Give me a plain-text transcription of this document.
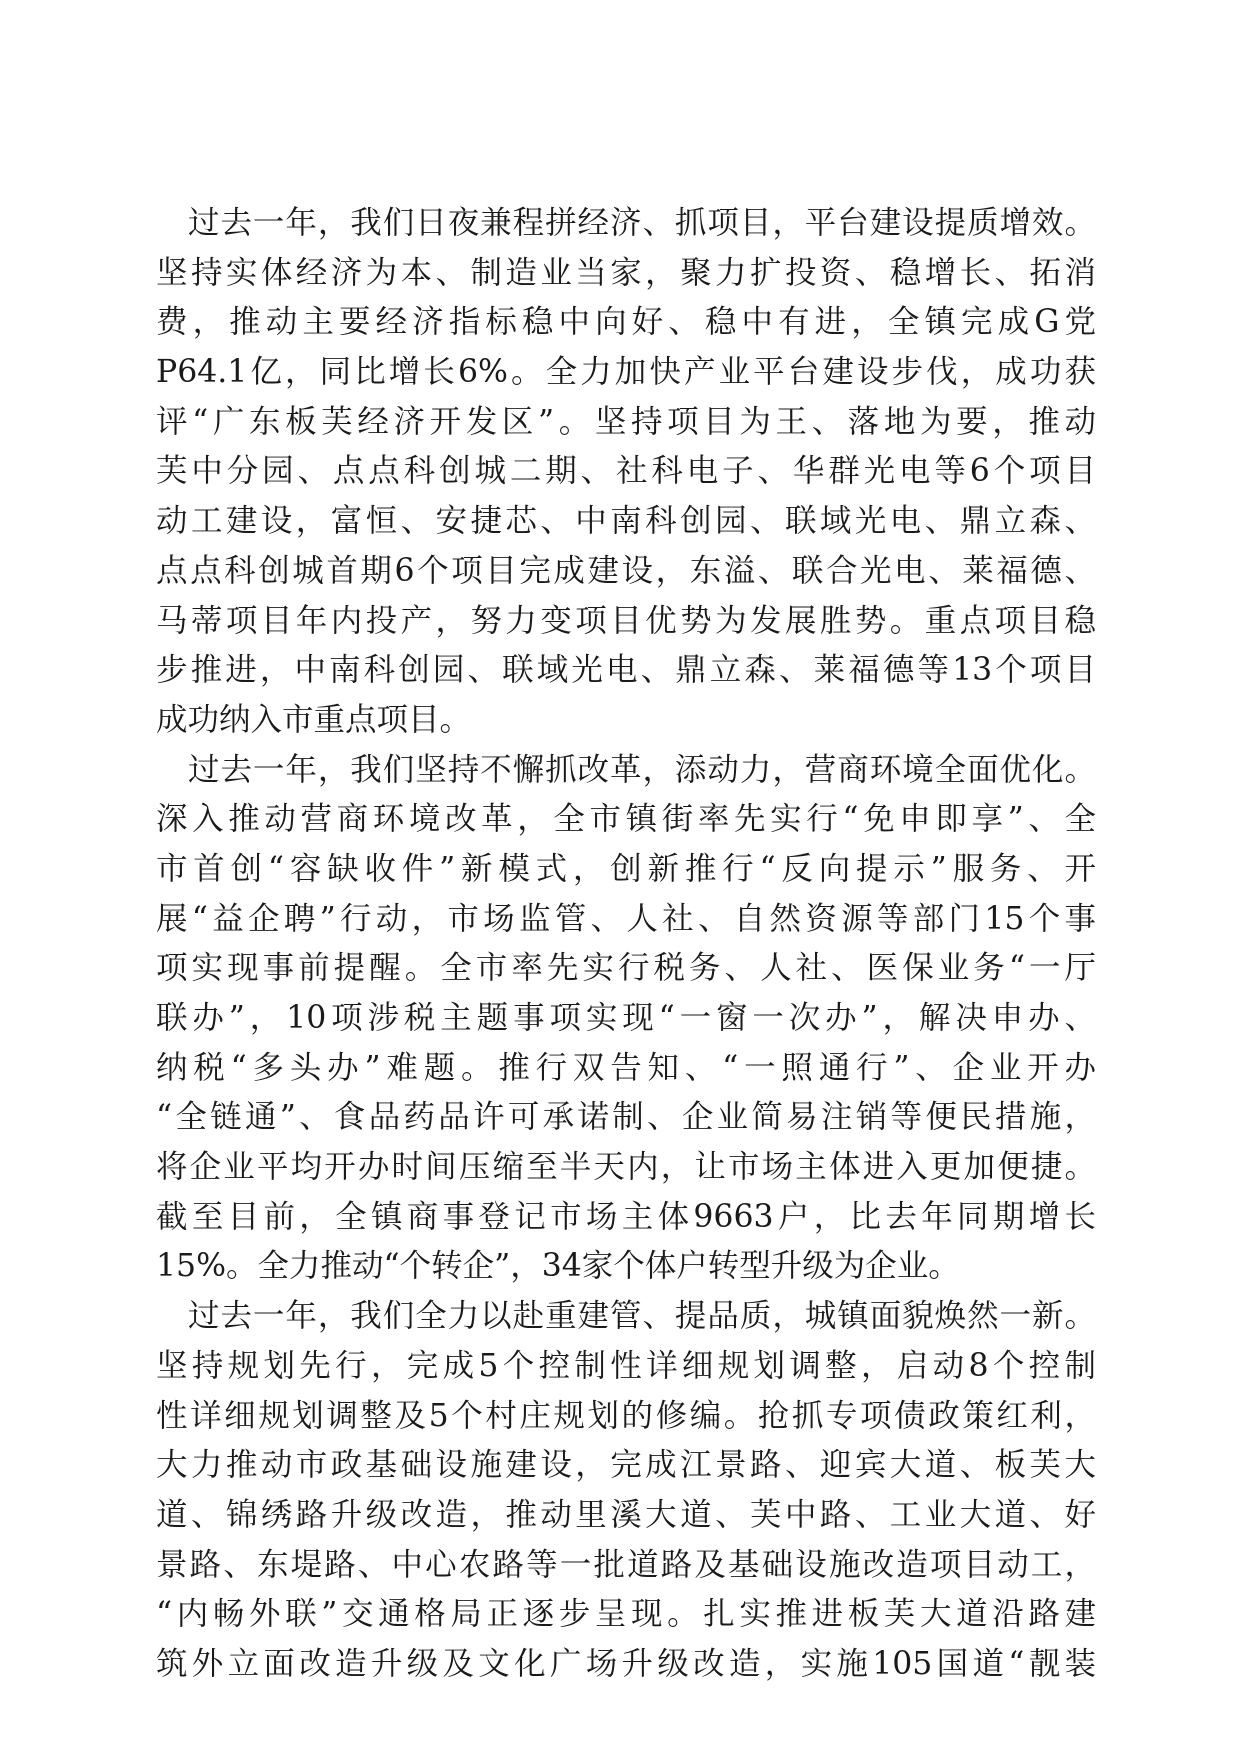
过去一年，我们日夜兼程拼经济、抓项目，平台建设提质增效。
坚持实体经济为本、制造业当家，聚力扩投资、稳增长、拓消
费，推动主要经济指标稳中向好、稳中有进，全镇完成G党
P64.1亿，同比增长6%。全力加快产业平台建设步伐，成功获
评“广东板芙经济开发区”。坚持项目为王、落地为要，推动
芙中分园、点点科创城二期、社科电子、华群光电等6个项目
动工建设，富恒、安捷芯、中南科创园、联域光电、鼎立森、
点点科创城首期6个项目完成建设，东溢、联合光电、莱福德、
马蒂项目年内投产，努力变项目优势为发展胜势。重点项目稳
步推进，中南科创园、联域光电、鼎立森、莱福德等13个项目
成功纳入市重点项目。
过去一年，我们坚持不懈抓改革，添动力，营商环境全面优化。
深入推动营商环境改革，全市镇街率先实行“免申即享”、全
市首创“容缺收件”新模式，创新推行“反向提示”服务、开
展“益企聘”行动，市场监管、人社、自然资源等部门15个事
项实现事前提醒。全市率先实行税务、人社、医保业务“一厅
联办”，10项涉税主题事项实现“一窗一次办”，解决申办、
纳税“多头办”难题。推行双告知、“一照通行”、企业开办
“全链通”、食品药品许可承诺制、企业简易注销等便民措施，
将企业平均开办时间压缩至半天内，让市场主体进入更加便捷。
截至目前，全镇商事登记市场主体9663户，比去年同期增长
15%。全力推动“个转企”，34家个体户转型升级为企业。
过去一年，我们全力以赴重建管、提品质，城镇面貌焕然一新。
坚持规划先行，完成5个控制性详细规划调整，启动8个控制
性详细规划调整及5个村庄规划的修编。抢抓专项债政策红利，
大力推动市政基础设施建设，完成江景路、迎宾大道、板芙大
道、锦绣路升级改造，推动里溪大道、芙中路、工业大道、好
景路、东堤路、中心农路等一批道路及基础设施改造项目动工，
“内畅外联”交通格局正逐步呈现。扎实推进板芙大道沿路建
筑外立面改造升级及文化广场升级改造，实施105国道“靓装
